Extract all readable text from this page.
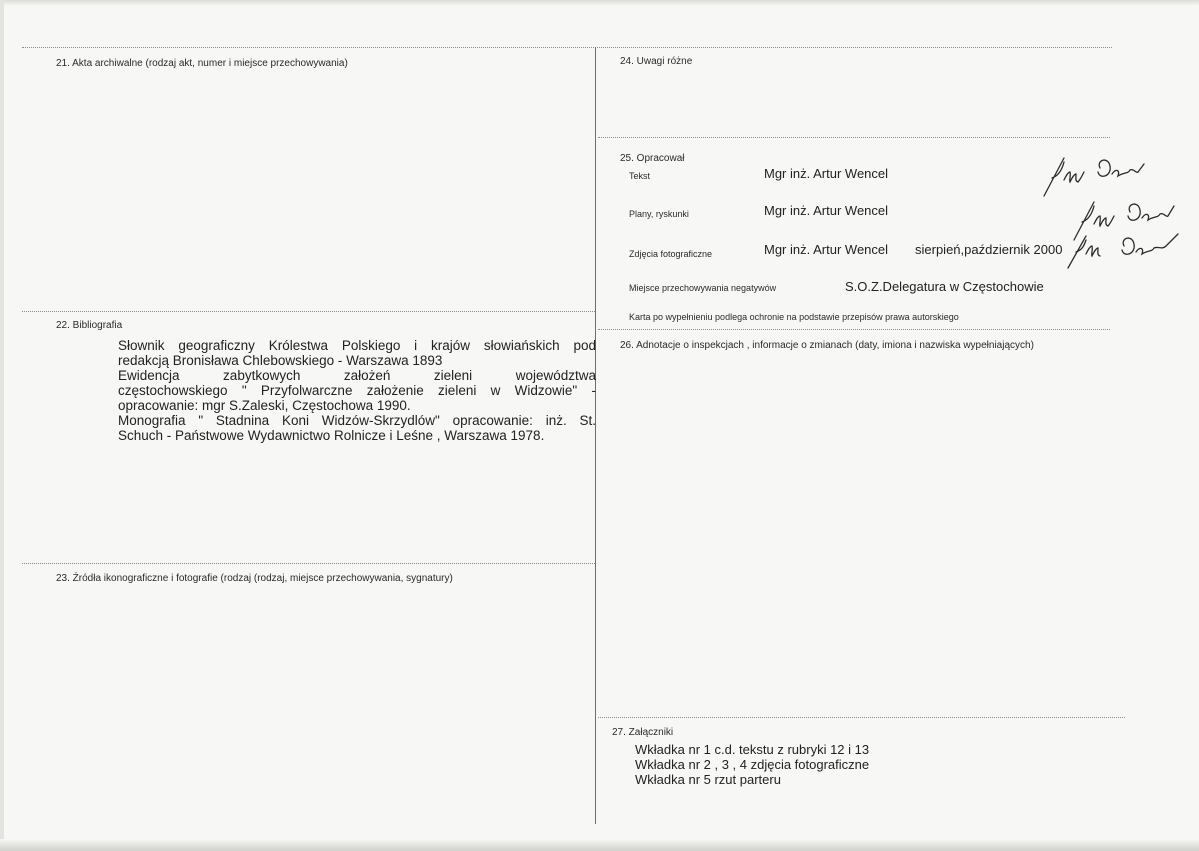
21. Akta archiwalne (rodzaj akt, numer i miejsce przechowywania)
22. Bibliografia
Słownik geograficzny Królestwa Polskiego i krajów słowiańskich pod
redakcją Bronisława Chlebowskiego - Warszawa 1893
Ewidencja zabytkowych założeń zieleni województwa
częstochowskiego " Przyfolwarczne założenie zieleni w Widzowie" -
opracowanie: mgr S.Zaleski, Częstochowa 1990.
Monografia " Stadnina Koni Widzów-Skrzydlów" opracowanie: inż. St.
Schuch - Państwowe Wydawnictwo Rolnicze i Leśne , Warszawa 1978.
23. Źródła ikonograficzne i fotografie (rodzaj (rodzaj, miejsce przechowywania, sygnatury)
24. Uwagi różne
25. Opracował
Tekst	Mgr inż. Artur Wencel
Plany, ryskunki	Mgr inż. Artur Wencel
Zdjęcia fotograficzne	Mgr inż. Artur Wencel sierpień,październik 2000
Miejsce przechowywania negatywów	S.O.Z.Delegatura w Częstochowie
Karta po wypełnieniu podlega ochronie na podstawie przepisów prawa autorskiego
26. Adnotacje o inspekcjach , informacje o zmianach (daty, imiona i nazwiska wypełniających)
27. Załączniki
Wkładka nr 1 c.d. tekstu z rubryki 12 i 13
Wkładka nr 2 , 3 , 4 zdjęcia fotograficzne
Wkładka nr 5 rzut parteru
